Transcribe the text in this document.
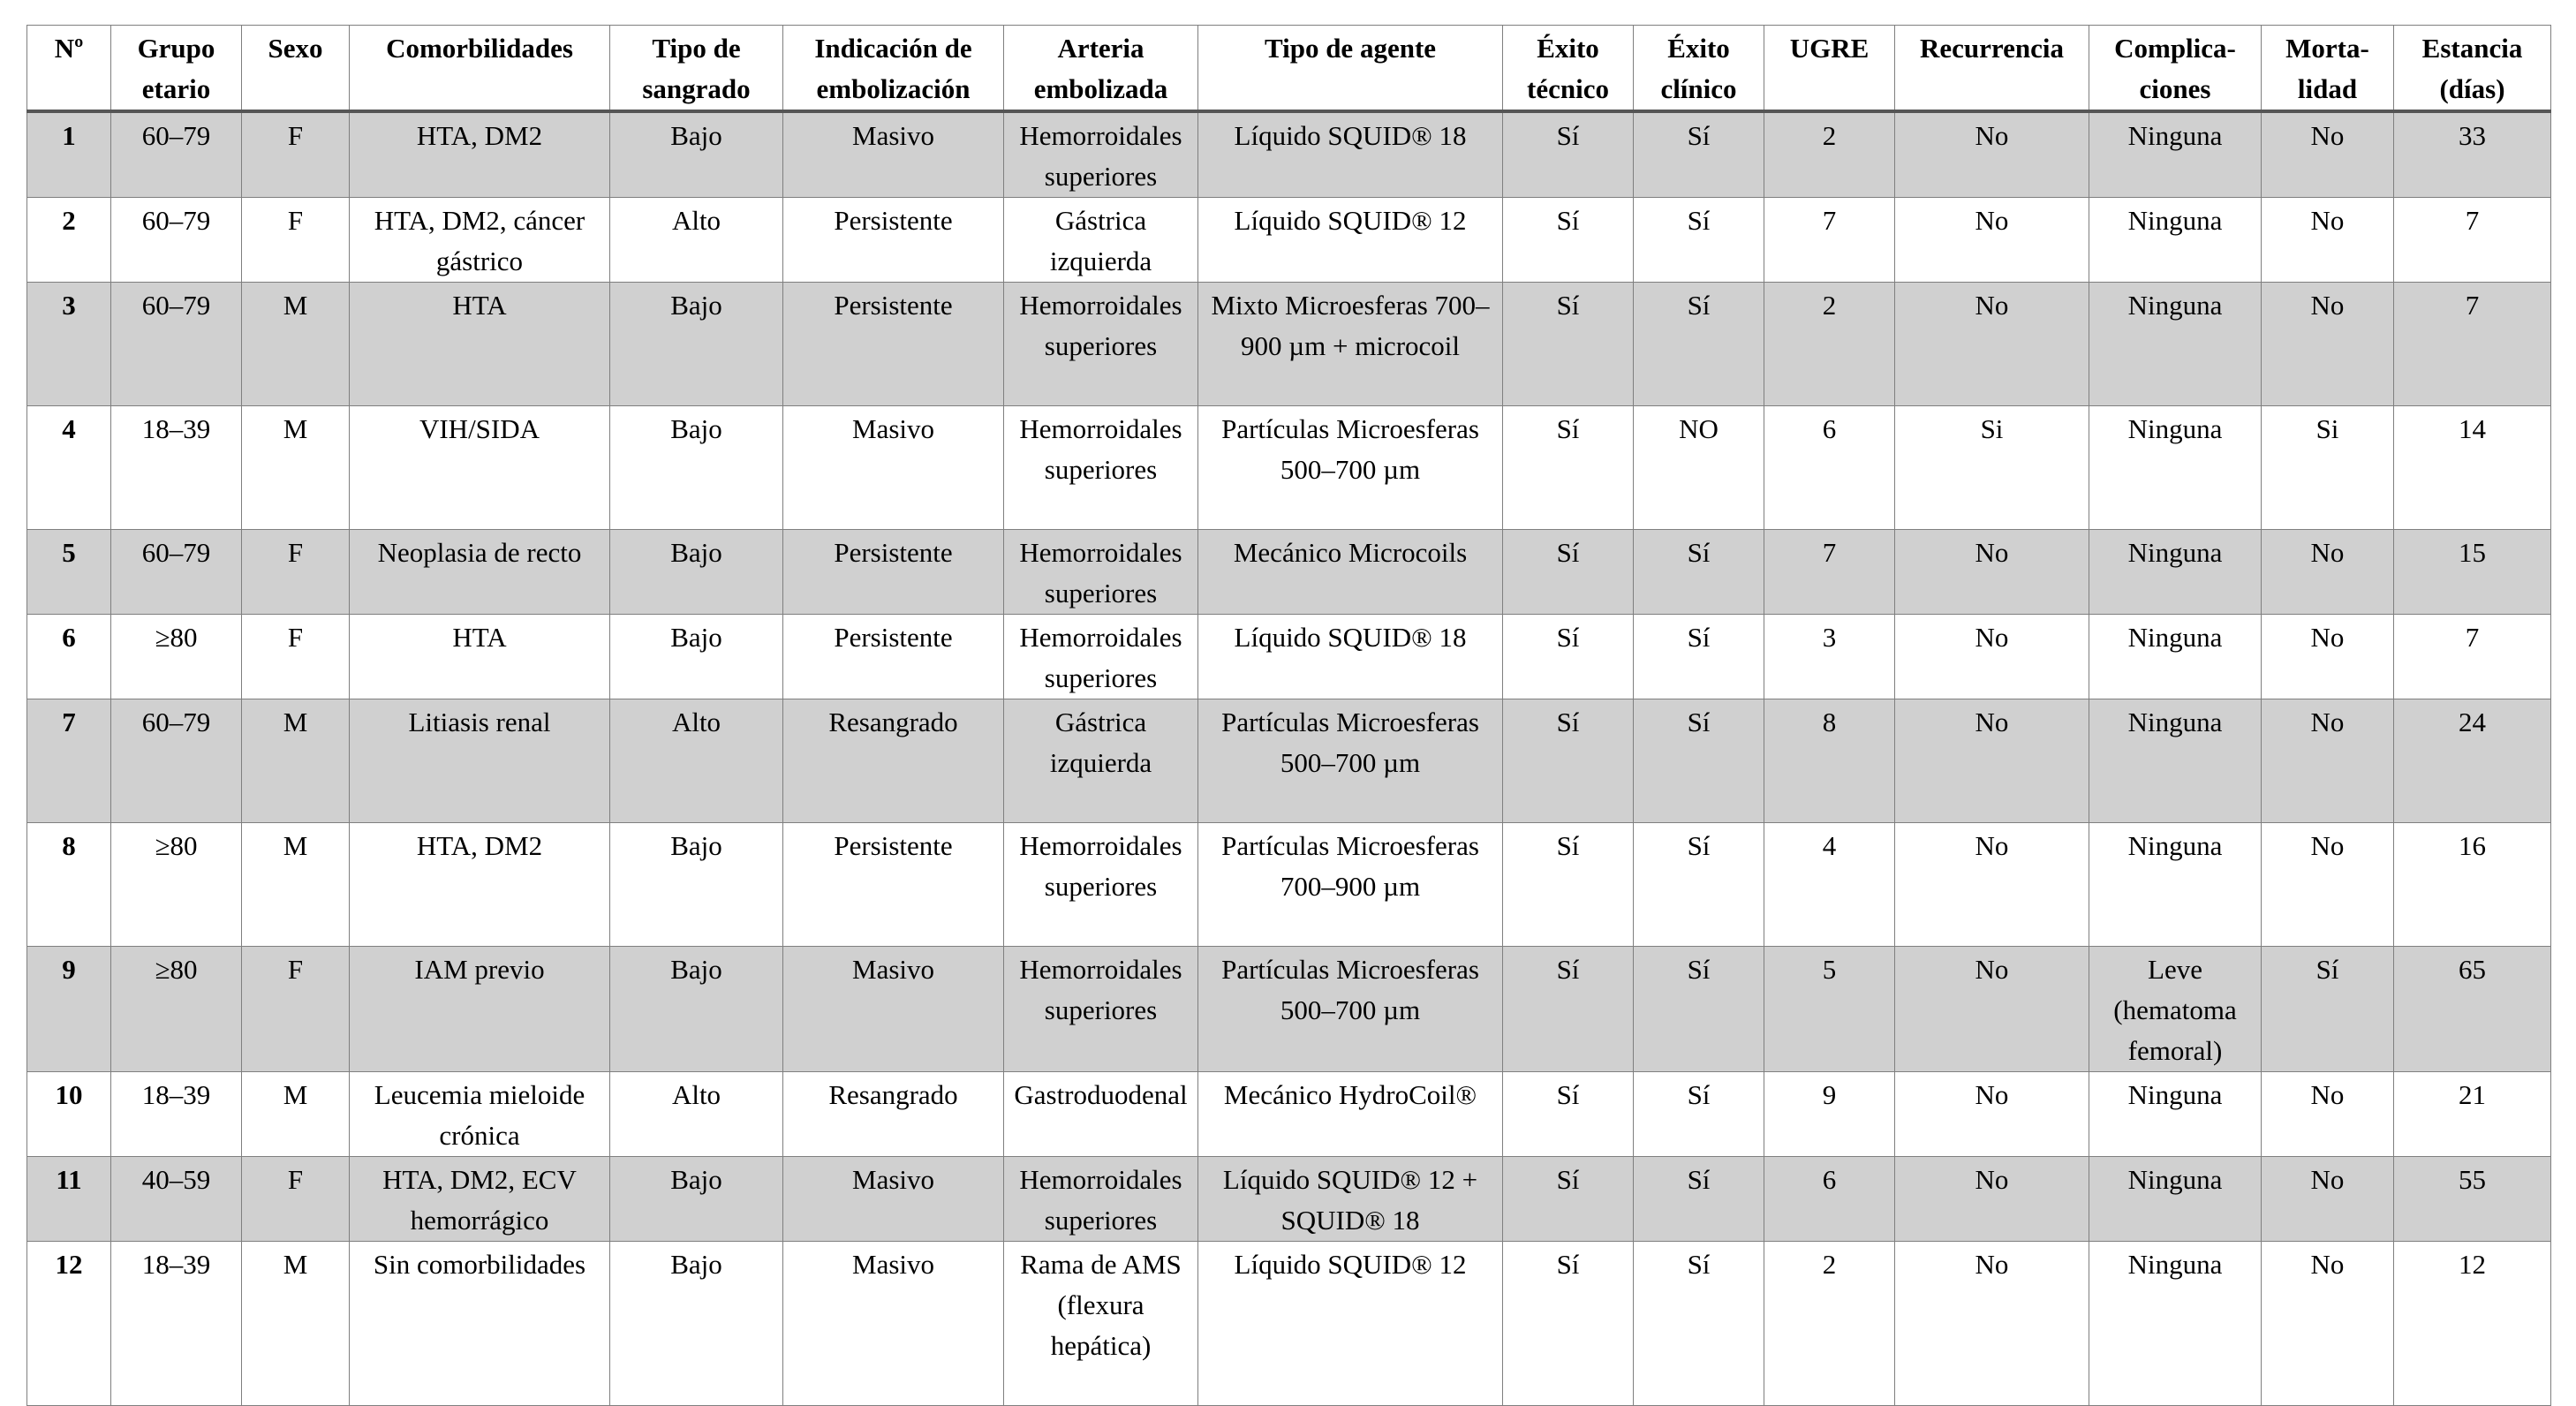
Nº	Grupo etario	Sexo	Comorbilidades	Tipo de sangrado	Indicación de embolización	Arteria embolizada	Tipo de agente	Éxito técnico	Éxito clínico	UGRE	Recurrencia	Complica- ciones	Morta- lidad	Estancia (días)
1	60–79	F	HTA, DM2	Bajo	Masivo	Hemorroidales superiores	Líquido SQUID® 18	Sí	Sí	2	No	Ninguna	No	33
2	60–79	F	HTA, DM2, cáncer gástrico	Alto	Persistente	Gástrica izquierda	Líquido SQUID® 12	Sí	Sí	7	No	Ninguna	No	7
3	60–79	M	HTA	Bajo	Persistente	Hemorroidales superiores	Mixto Microesferas 700–900 µm + microcoil	Sí	Sí	2	No	Ninguna	No	7
4	18–39	M	VIH/SIDA	Bajo	Masivo	Hemorroidales superiores	Partículas Microesferas 500–700 µm	Sí	NO	6	Si	Ninguna	Si	14
5	60–79	F	Neoplasia de recto	Bajo	Persistente	Hemorroidales superiores	Mecánico Microcoils	Sí	Sí	7	No	Ninguna	No	15
6	≥80	F	HTA	Bajo	Persistente	Hemorroidales superiores	Líquido SQUID® 18	Sí	Sí	3	No	Ninguna	No	7
7	60–79	M	Litiasis renal	Alto	Resangrado	Gástrica izquierda	Partículas Microesferas 500–700 µm	Sí	Sí	8	No	Ninguna	No	24
8	≥80	M	HTA, DM2	Bajo	Persistente	Hemorroidales superiores	Partículas Microesferas 700–900 µm	Sí	Sí	4	No	Ninguna	No	16
9	≥80	F	IAM previo	Bajo	Masivo	Hemorroidales superiores	Partículas Microesferas 500–700 µm	Sí	Sí	5	No	Leve (hematoma femoral)	Sí	65
10	18–39	M	Leucemia mieloide crónica	Alto	Resangrado	Gastroduodenal	Mecánico HydroCoil®	Sí	Sí	9	No	Ninguna	No	21
11	40–59	F	HTA, DM2, ECV hemorrágico	Bajo	Masivo	Hemorroidales superiores	Líquido SQUID® 12 + SQUID® 18	Sí	Sí	6	No	Ninguna	No	55
12	18–39	M	Sin comorbilidades	Bajo	Masivo	Rama de AMS (flexura hepática)	Líquido SQUID® 12	Sí	Sí	2	No	Ninguna	No	12
